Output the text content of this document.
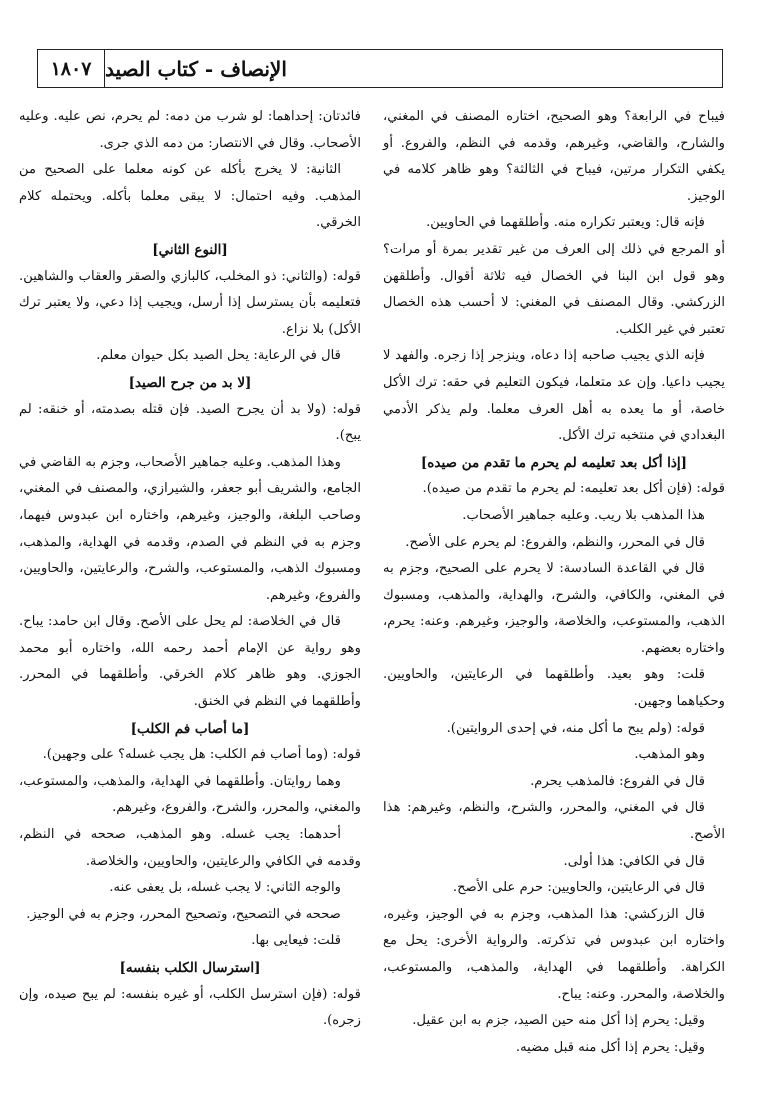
١٨٠٧ الإنصاف - كتاب الصيد

فيباح في الرابعة؟ وهو الصحيح، اختاره المصنف في المغني، والشارح، والقاضي، وغيرهم، وقدمه في النظم، والفروع. أو يكفي التكرار مرتين، فيباح في الثالثة؟ وهو ظاهر كلامه في الوجيز.

فإنه قال: ويعتبر تكراره منه. وأطلقهما في الحاويين.

أو المرجع في ذلك إلى العرف من غير تقدير بمرة أو مرات؟ وهو قول ابن البنا في الخصال فيه ثلاثة أقوال. وأطلقهن الزركشي. وقال المصنف في المغني: لا أحسب هذه الخصال تعتبر في غير الكلب.

فإنه الذي يجيب صاحبه إذا دعاه، وينزجر إذا زجره. والفهد لا يجيب داعيا. وإن عد متعلما، فيكون التعليم في حقه: ترك الأكل خاصة، أو ما يعده به أهل العرف معلما. ولم يذكر الأدمي البغدادي في منتخبه ترك الأكل.

[إذا أكل بعد تعليمه لم يحرم ما تقدم من صيده]

قوله: (فإن أكل بعد تعليمه: لم يحرم ما تقدم من صيده).

هذا المذهب بلا ريب. وعليه جماهير الأصحاب.

قال في المحرر، والنظم، والفروع: لم يحرم على الأصح.

قال في القاعدة السادسة: لا يحرم على الصحيح، وجزم به في المغني، والكافي، والشرح، والهداية، والمذهب، ومسبوك الذهب، والمستوعب، والخلاصة، والوجيز، وغيرهم. وعنه: يحرم، واختاره بعضهم.

قلت: وهو بعيد. وأطلقهما في الرعايتين، والحاويين. وحكياهما وجهين.

قوله: (ولم يبح ما أكل منه، في إحدى الروايتين).

وهو المذهب.

قال في الفروع: فالمذهب يحرم.

قال في المغني، والمحرر، والشرح، والنظم، وغيرهم: هذا الأصح.

قال في الكافي: هذا أولى.

قال في الرعايتين، والحاويين: حرم على الأصح.

قال الزركشي: هذا المذهب، وجزم به في الوجيز، وغيره، واختاره ابن عبدوس في تذكرته. والرواية الأخرى: يحل مع الكراهة. وأطلقهما في الهداية، والمذهب، والمستوعب، والخلاصة، والمحرر. وعنه: يباح.

وقيل: يحرم إذا أكل منه حين الصيد، جزم به ابن عقيل.

وقيل: يحرم إذا أكل منه قبل مضيه.

فائدتان: إحداهما: لو شرب من دمه: لم يحرم، نص عليه. وعليه الأصحاب. وقال في الانتصار: من دمه الذي جرى.

الثانية: لا يخرج بأكله عن كونه معلما على الصحيح من المذهب. وفيه احتمال: لا يبقى معلما بأكله. ويحتمله كلام الخرقي.

[النوع الثاني]

قوله: (والثاني: ذو المخلب، كالبازي والصقر والعقاب والشاهين. فتعليمه بأن يسترسل إذا أرسل، ويجيب إذا دعي، ولا يعتبر ترك الأكل) بلا نزاع.

قال في الرعاية: يحل الصيد بكل حيوان معلم.

[لا بد من جرح الصيد]

قوله: (ولا بد أن يجرح الصيد. فإن قتله بصدمته، أو خنقه: لم يبح).

وهذا المذهب. وعليه جماهير الأصحاب، وجزم به القاضي في الجامع، والشريف أبو جعفر، والشيرازي، والمصنف في المغني، وصاحب البلغة، والوجيز، وغيرهم، واختاره ابن عبدوس فيهما، وجزم به في النظم في الصدم، وقدمه في الهداية، والمذهب، ومسبوك الذهب، والمستوعب، والشرح، والرعايتين، والحاويين، والفروع، وغيرهم.

قال في الخلاصة: لم يحل على الأصح. وقال ابن حامد: يباح. وهو رواية عن الإمام أحمد رحمه الله، واختاره أبو محمد الجوزي. وهو ظاهر كلام الخرقي. وأطلقهما في المحرر. وأطلقهما في النظم في الخنق.

[ما أصاب فم الكلب]

قوله: (وما أصاب فم الكلب: هل يجب غسله؟ على وجهين).

وهما روايتان. وأطلقهما في الهداية، والمذهب، والمستوعب، والمغني، والمحرر، والشرح، والفروع، وغيرهم.

أحدهما: يجب غسله. وهو المذهب، صححه في النظم، وقدمه في الكافي والرعايتين، والحاويين، والخلاصة.

والوجه الثاني: لا يجب غسله، بل يعفى عنه.

صححه في التصحيح، وتصحيح المحرر، وجزم به في الوجيز.

قلت: فيعايى بها.

[استرسال الكلب بنفسه]

قوله: (فإن استرسل الكلب، أو غيره بنفسه: لم يبح صيده، وإن زجره).
